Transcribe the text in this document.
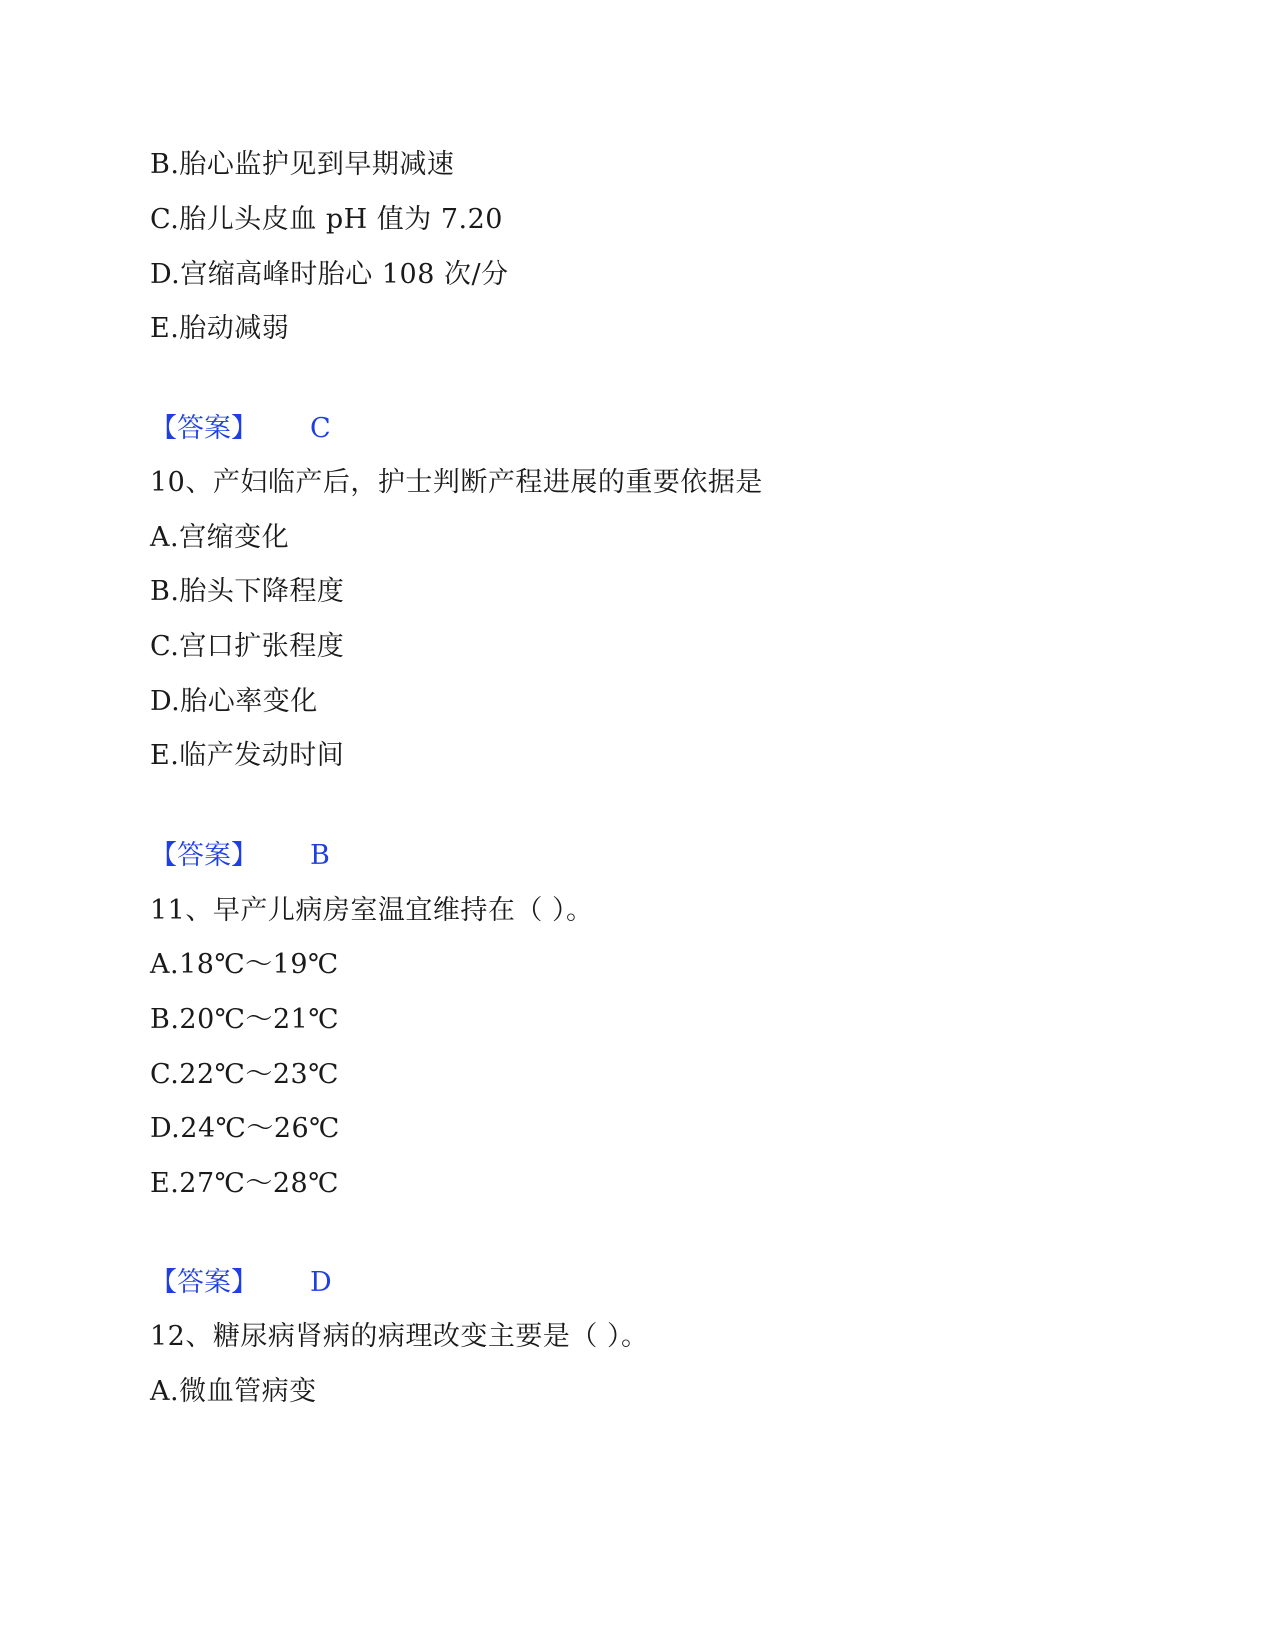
B.胎心监护见到早期减速
C.胎儿头皮血 pH 值为 7.20
D.宫缩高峰时胎心 108 次/分
E.胎动减弱
【答案】 C
10、产妇临产后，护士判断产程进展的重要依据是
A.宫缩变化
B.胎头下降程度
C.宫口扩张程度
D.胎心率变化
E.临产发动时间
【答案】 B
11、早产儿病房室温宜维持在（ ）。
A.18℃～19℃
B.20℃～21℃
C.22℃～23℃
D.24℃～26℃
E.27℃～28℃
【答案】 D
12、糖尿病肾病的病理改变主要是（ ）。
A.微血管病变
